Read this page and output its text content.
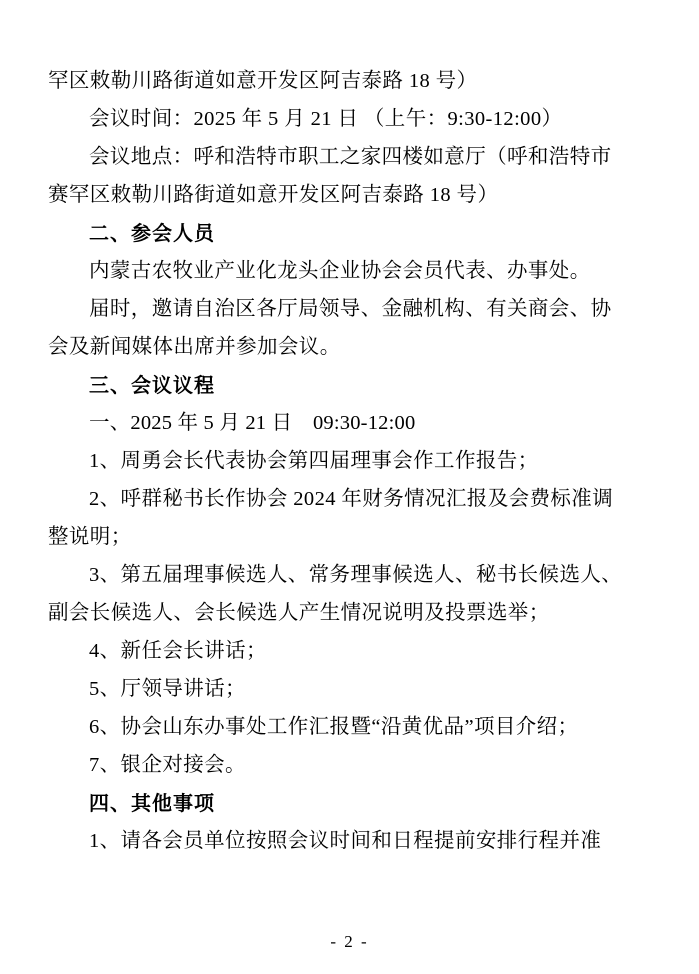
罕区敕勒川路街道如意开发区阿吉泰路 18 号）
会议时间：2025 年 5 月 21 日 （上午：9:30-12:00）
会议地点：呼和浩特市职工之家四楼如意厅（呼和浩特市
赛罕区敕勒川路街道如意开发区阿吉泰路 18 号）
二、参会人员
内蒙古农牧业产业化龙头企业协会会员代表、办事处。
届时，邀请自治区各厅局领导、金融机构、有关商会、协
会及新闻媒体出席并参加会议。
三、会议议程
一、2025 年 5 月 21 日　09:30-12:00
1、周勇会长代表协会第四届理事会作工作报告；
2、呼群秘书长作协会 2024 年财务情况汇报及会费标准调
整说明；
3、第五届理事候选人、常务理事候选人、秘书长候选人、
副会长候选人、会长候选人产生情况说明及投票选举；
4、新任会长讲话；
5、厅领导讲话；
6、协会山东办事处工作汇报暨“沿黄优品”项目介绍；
7、银企对接会。
四、其他事项
1、请各会员单位按照会议时间和日程提前安排行程并准
- 2 -
